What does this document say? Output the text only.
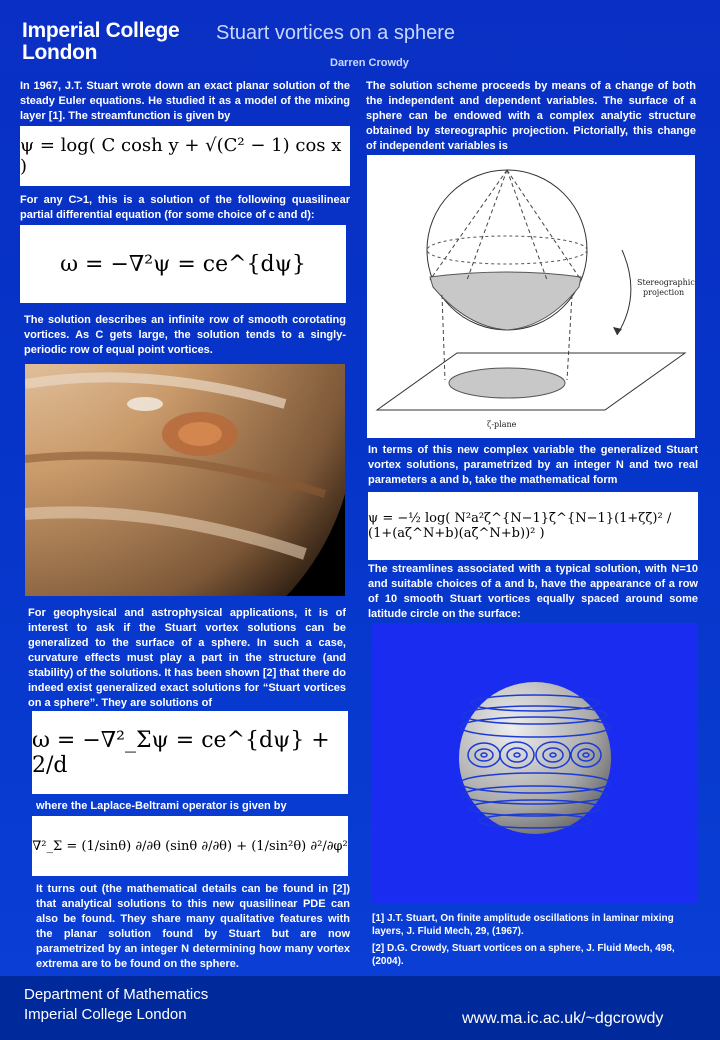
Imperial College
London
Stuart vortices on a sphere
Darren Crowdy
In 1967, J.T. Stuart wrote down an exact planar solution of the steady Euler equations. He studied it as a model of the mixing layer [1]. The streamfunction is given by
ψ = log( C cosh y + √(C² − 1) cos x )
For any C>1, this is a solution of the following quasilinear partial differential equation (for some choice of c and d):
ω = −∇²ψ = ce^{dψ}
The solution describes an infinite row of smooth corotating vortices. As C gets large, the solution tends to a singly-periodic row of equal point vortices.
For geophysical and astrophysical applications, it is of interest to ask if the Stuart vortex solutions can be generalized to the surface of a sphere. In such a case, curvature effects must play a part in the structure (and stability) of the solutions. It has been shown [2] that there do indeed exist generalized exact solutions for “Stuart vortices on a sphere”. They are solutions of
ω = −∇²_Σψ = ce^{dψ} + 2/d
where the Laplace-Beltrami operator is given by
∇²_Σ = (1/sinθ) ∂/∂θ (sinθ ∂/∂θ) + (1/sin²θ) ∂²/∂φ²
It turns out (the mathematical details can be found in [2]) that analytical solutions to this new quasilinear PDE can also be found. They share many qualitative features with the planar solution found by Stuart but are now parametrized by an integer N determining how many vortex extrema are to be found on the sphere.
The solution scheme proceeds by means of a change of both the independent and dependent variables. The surface of a sphere can be endowed with a complex analytic structure obtained by stereographic projection. Pictorially, this change of independent variables is
Stereographic
projection
ζ-plane
In terms of this new complex variable the generalized Stuart vortex solutions, parametrized by an integer N and two real parameters a and b, take the mathematical form
ψ = −½ log( N²a²ζ^{N−1}ζ̄^{N−1}(1+ζζ̄)² / (1+(aζ^N+b)(aζ̄^N+b))² )
The streamlines associated with a typical solution, with N=10 and suitable choices of a and b, have the appearance of a row of 10 smooth Stuart vortices equally spaced around some latitude circle on the surface:
[1] J.T. Stuart, On finite amplitude oscillations in laminar mixing layers, J. Fluid Mech, 29, (1967).
[2] D.G. Crowdy, Stuart vortices on a sphere, J. Fluid Mech, 498, (2004).
Department of Mathematics
Imperial College London	www.ma.ic.ac.uk/~dgcrowdy
